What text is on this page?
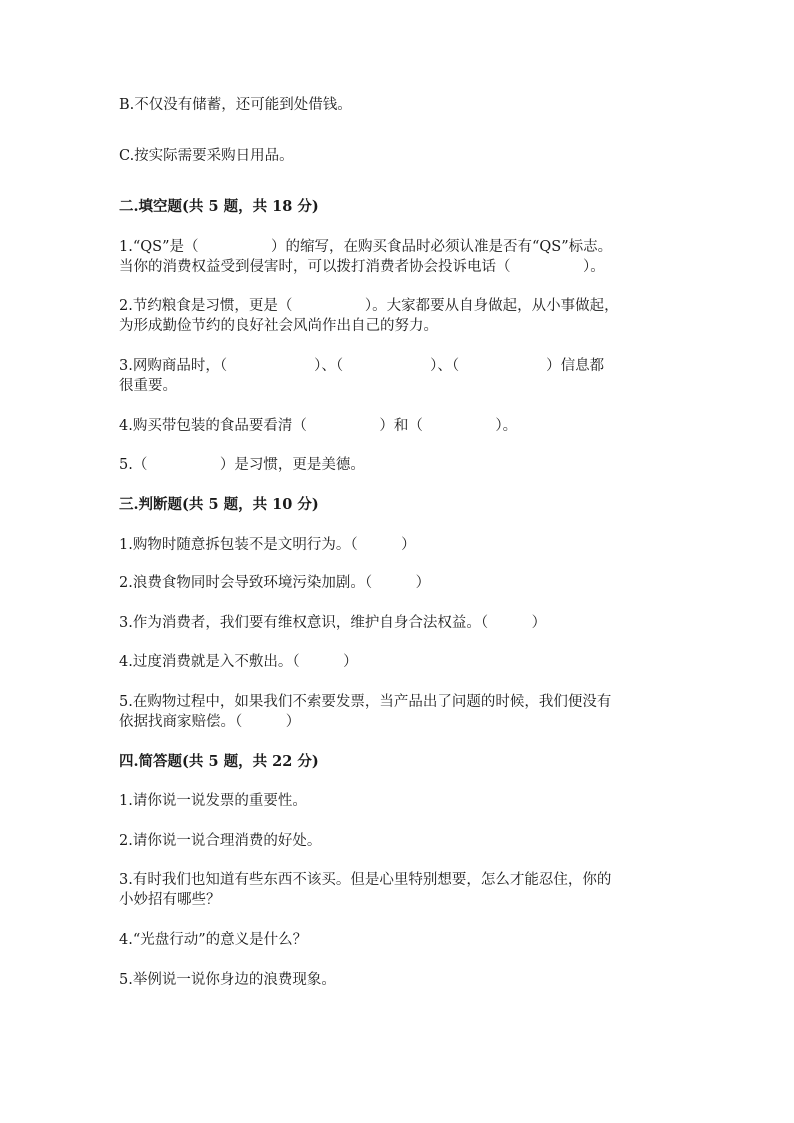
B.不仅没有储蓄，还可能到处借钱。
C.按实际需要采购日用品。
二.填空题(共 5 题，共 18 分)
1.“QS”是（　　　　　）的缩写，在购买食品时必须认准是否有“QS”标志。
当你的消费权益受到侵害时，可以拨打消费者协会投诉电话（　　　　　）。
2.节约粮食是习惯，更是（　　　　　）。大家都要从自身做起，从小事做起，
为形成勤俭节约的良好社会风尚作出自己的努力。
3.网购商品时，（　　　　　　）、（　　　　　　）、（　　　　　　）信息都
很重要。
4.购买带包装的食品要看清（　　　　　）和（　　　　　）。
5.（　　　　　）是习惯，更是美德。
三.判断题(共 5 题，共 10 分)
1.购物时随意拆包装不是文明行为。（　　　）
2.浪费食物同时会导致环境污染加剧。（　　　）
3.作为消费者，我们要有维权意识，维护自身合法权益。（　　　）
4.过度消费就是入不敷出。（　　　）
5.在购物过程中，如果我们不索要发票，当产品出了问题的时候，我们便没有
依据找商家赔偿。（　　　）
四.简答题(共 5 题，共 22 分)
1.请你说一说发票的重要性。
2.请你说一说合理消费的好处。
3.有时我们也知道有些东西不该买。但是心里特别想要，怎么才能忍住，你的
小妙招有哪些？
4.“光盘行动”的意义是什么？
5.举例说一说你身边的浪费现象。
